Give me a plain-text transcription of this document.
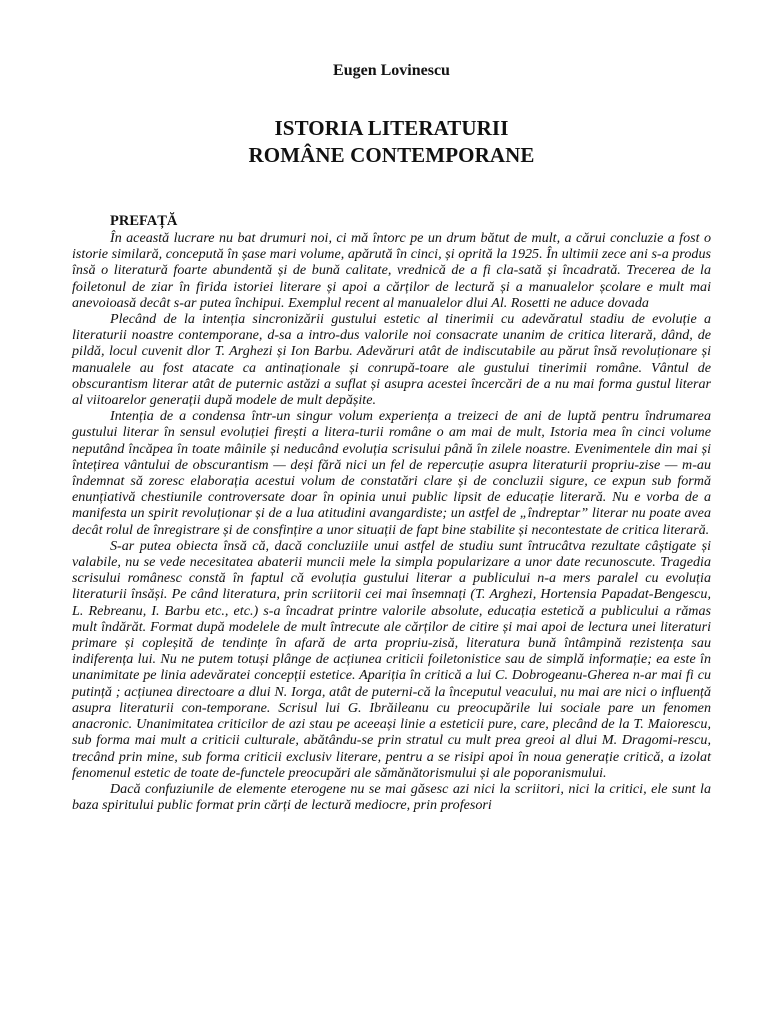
Eugen Lovinescu

ISTORIA LITERATURII
ROMÂNE CONTEMPORANE
PREFAȚĂ

În această lucrare nu bat drumuri noi, ci mă întorc pe un drum bătut de mult, a cărui concluzie a fost o istorie similară, concepută în șase mari volume, apărută în cinci, și oprită la 1925. În ultimii zece ani s-a produs însă o literatură foarte abundentă și de bună calitate, vrednică de a fi cla-sată și încadrată. Trecerea de la foiletonul de ziar în firida istoriei literare și apoi a cărților de lectură și a manualelor școlare e mult mai anevoioasă decât s-ar putea închipui. Exemplul recent al manualelor dlui Al. Rosetti ne aduce dovada

Plecând de la intenția sincronizării gustului estetic al tinerimii cu adevăratul stadiu de evoluție a literaturii noastre contemporane, d-sa a intro-dus valorile noi consacrate unanim de critica literară, dând, de pildă, locul cuvenit dlor T. Arghezi și Ion Barbu. Adevăruri atât de indiscutabile au părut însă revoluționare și manualele au fost atacate ca antinaționale și conrupă-toare ale gustului tinerimii române. Vântul de obscurantism literar atât de puternic astăzi a suflat și asupra acestei încercări de a nu mai forma gustul literar al viitoarelor generații după modele de mult depășite.

Intenția de a condensa într-un singur volum experiența a treizeci de ani de luptă pentru îndrumarea gustului literar în sensul evoluției firești a litera-turii române o am mai de mult, Istoria mea în cinci volume neputând încăpea în toate mâinile și neducând evoluția scrisului până în zilele noastre. Evenimentele din mai și întețirea vântului de obscurantism — deși fără nici un fel de repercuție asupra literaturii propriu-zise — m-au îndemnat să zoresc elaborația acestui volum de constatări clare și de concluzii sigure, ce expun sub formă enunțiativă chestiunile controversate doar în opinia unui public lipsit de educație literară. Nu e vorba de a manifesta un spirit revoluționar și de a lua atitudini avangardiste; un astfel de „îndreptar” literar nu poate avea decât rolul de înregistrare și de consfințire a unor situații de fapt bine stabilite și necontestate de critica literară.

S-ar putea obiecta însă că, dacă concluziile unui astfel de studiu sunt întrucâtva rezultate câștigate și valabile, nu se vede necesitatea abaterii muncii mele la simpla popularizare a unor date recunoscute. Tragedia scrisului românesc constă în faptul că evoluția gustului literar a publicului n-a mers paralel cu evoluția literaturii însăși. Pe când literatura, prin scriitorii cei mai însemnați (T. Arghezi, Hortensia Papadat-Bengescu, L. Rebreanu, I. Barbu etc., etc.) s-a încadrat printre valorile absolute, educația estetică a publicului a rămas mult îndărăt. Format după modelele de mult întrecute ale cărților de citire și mai apoi de lectura unei literaturi primare și copleșită de tendințe în afară de arta propriu-zisă, literatura bună întâmpină rezistența sau indiferența lui. Nu ne putem totuși plânge de acțiunea criticii foiletonistice sau de simplă informație; ea este în unanimitate pe linia adevăratei concepții estetice. Apariția în critică a lui C. Dobrogeanu-Gherea n-ar mai fi cu putință ; acțiunea directoare a dlui N. Iorga, atât de puterni-că la începutul veacului, nu mai are nici o influență asupra literaturii con-temporane. Scrisul lui G. Ibrăileanu cu preocupările lui sociale pare un fenomen anacronic. Unanimitatea criticilor de azi stau pe aceeași linie a esteticii pure, care, plecând de la T. Maiorescu, sub forma mai mult a criticii culturale, abătându-se prin stratul cu mult prea greoi al dlui M. Dragomi-rescu, trecând prin mine, sub forma criticii exclusiv literare, pentru a se risipi apoi în noua generație critică, a izolat fenomenul estetic de toate de-functele preocupări ale sămănătorismului și ale poporanismului.

Dacă confuziunile de elemente eterogene nu se mai găsesc azi nici la scriitori, nici la critici, ele sunt la baza spiritului public format prin cărți de lectură mediocre, prin profesori
